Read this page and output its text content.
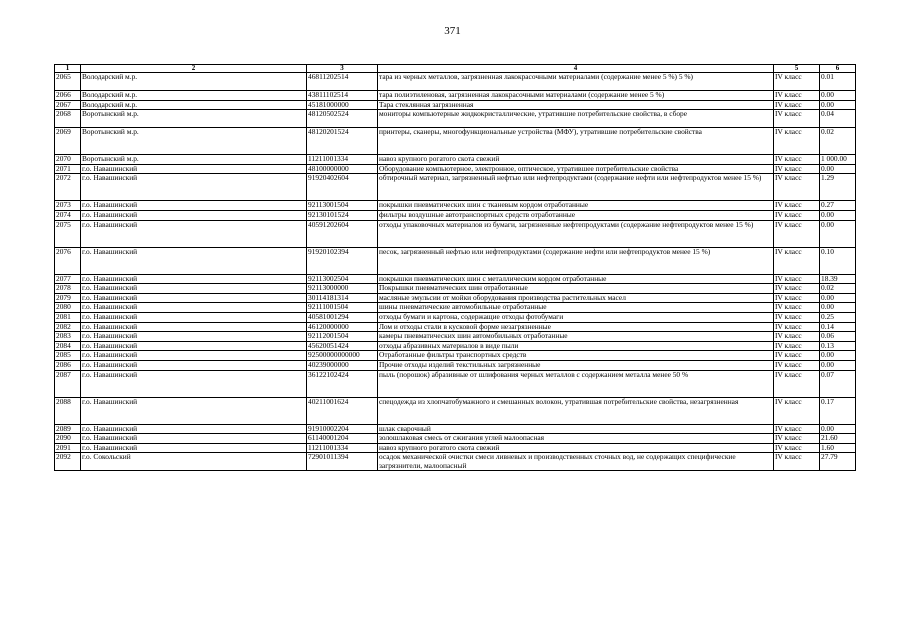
371
1	2	3	4	5	6
2065	Володарский м.р.	46811202514	тара из черных металлов, загрязненная лакокрасочными материалами (содержание менее 5 %) 5 %)	IV класс	0.01
2066	Володарский м.р.	43811102514	тара полиэтиленовая, загрязненная лакокрасочными материалами (содержание менее 5 %)	IV класс	0.00
2067	Володарский м.р.	45181000000	Тара стеклянная загрязненная	IV класс	0.00
2068	Воротынский м.р.	48120502524	мониторы компьютерные жидкокристаллические, утратившие потребительские свойства, в сборе	IV класс	0.04
2069	Воротынский м.р.	48120201524	принтеры, сканеры, многофункциональные устройства (МФУ), утратившие потребительские свойства	IV класс	0.02
2070	Воротынский м.р.	11211001334	навоз крупного рогатого скота свежий	IV класс	1 000.00
2071	г.о. Навашинский	48100000000	Оборудование компьютерное, электронное, оптическое, утратившее потребительские свойства	IV класс	0.00
2072	г.о. Навашинский	91920402604	обтирочный материал, загрязненный нефтью или нефтепродуктами (содержание нефти или нефтепродуктов менее 15 %)	IV класс	1.29
2073	г.о. Навашинский	92113001504	покрышки пневматических шин с тканевым кордом отработанные	IV класс	0.27
2074	г.о. Навашинский	92130101524	фильтры воздушные автотранспортных средств отработанные	IV класс	0.00
2075	г.о. Навашинский	40591202604	отходы упаковочных материалов из бумаги, загрязненные нефтепродуктами (содержание нефтепродуктов менее 15 %)	IV класс	0.00
2076	г.о. Навашинский	91920102394	песок, загрязненный нефтью или нефтепродуктами (содержание нефти или нефтепродуктов менее 15 %)	IV класс	0.10
2077	г.о. Навашинский	92113002504	покрышки пневматических шин с металлическим кордом отработанные	IV класс	18.39
2078	г.о. Навашинский	92113000000	Покрышки пневматических шин отработанные	IV класс	0.02
2079	г.о. Навашинский	30114181314	масляные эмульсии от мойки оборудования производства растительных масел	IV класс	0.00
2080	г.о. Навашинский	92111001504	шины пневматические автомобильные отработанные	IV класс	0.00
2081	г.о. Навашинский	40581001294	отходы бумаги и картона, содержащие отходы фотобумаги	IV класс	0.25
2082	г.о. Навашинский	46120000000	Лом и отходы стали в кусковой форме незагрязненные	IV класс	0.14
2083	г.о. Навашинский	92112001504	камеры пневматических шин автомобильных отработанные	IV класс	0.06
2084	г.о. Навашинский	45620051424	отходы абразивных материалов в виде пыли	IV класс	0.13
2085	г.о. Навашинский	92500000000000	Отработанные фильтры транспортных средств	IV класс	0.00
2086	г.о. Навашинский	40239000000	Прочие отходы изделий текстильных загрязненные	IV класс	0.00
2087	г.о. Навашинский	36122102424	пыль (порошок) абразивные от шлифования черных металлов с содержанием металла менее 50 %	IV класс	0.07
2088	г.о. Навашинский	40211001624	спецодежда из хлопчатобумажного и смешанных волокон, утратившая потребительские свойства, незагрязненная	IV класс	0.17
2089	г.о. Навашинский	91910002204	шлак сварочный	IV класс	0.00
2090	г.о. Навашинский	61140001204	золошлаковая смесь от сжигания углей малоопасная	IV класс	21.60
2091	г.о. Навашинский	11211001334	навоз крупного рогатого скота свежий	IV класс	1.60
2092	г.о. Сокольский	72901011394	осадок механической очистки смеси ливневых и производственных сточных вод, не содержащих специфические загрязнители, малоопасный	IV класс	27.79
